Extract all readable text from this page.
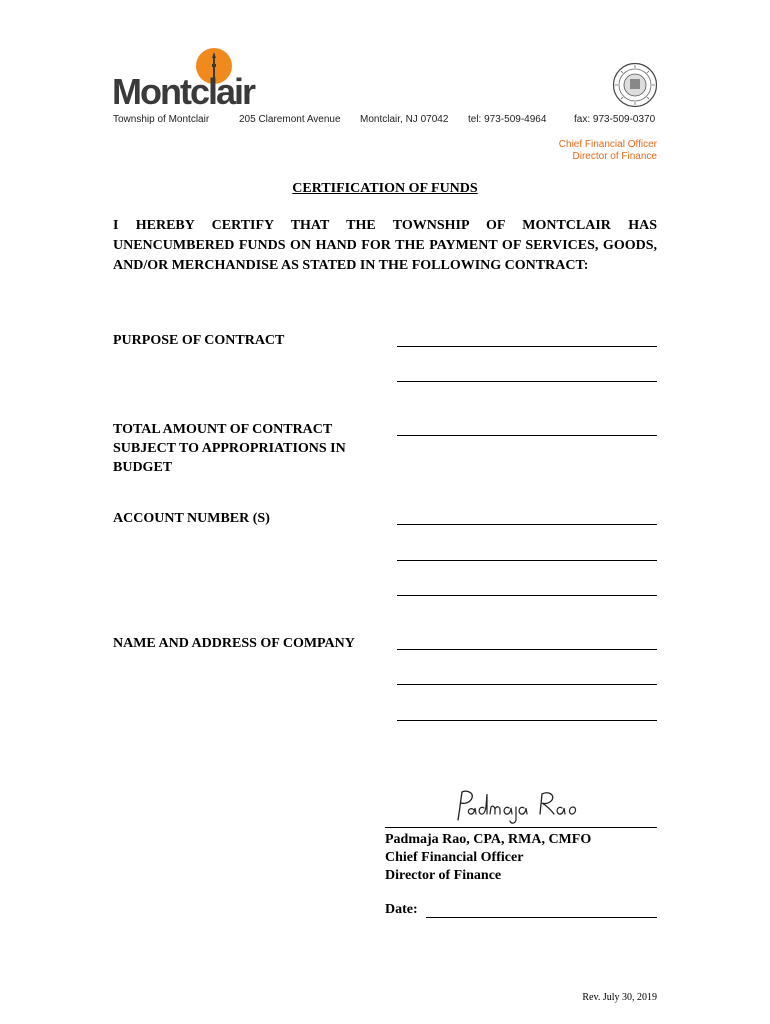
Montclair
Township of Montclair	205 Claremont Avenue Montclair, NJ 07042 tel: 973-509-4964	fax: 973-509-0370
Chief Financial Officer
Director of Finance
CERTIFICATION OF FUNDS
I HEREBY CERTIFY THAT THE TOWNSHIP OF MONTCLAIR HAS UNENCUMBERED FUNDS ON HAND FOR THE PAYMENT OF SERVICES, GOODS, AND/OR MERCHANDISE AS STATED IN THE FOLLOWING CONTRACT:
PURPOSE OF CONTRACT
TOTAL AMOUNT OF CONTRACT SUBJECT TO APPROPRIATIONS IN BUDGET
ACCOUNT NUMBER (S)
NAME AND ADDRESS OF COMPANY
Padmaja Rao, CPA, RMA, CMFO
Chief Financial Officer
Director of Finance
Date:
Rev. July 30, 2019
